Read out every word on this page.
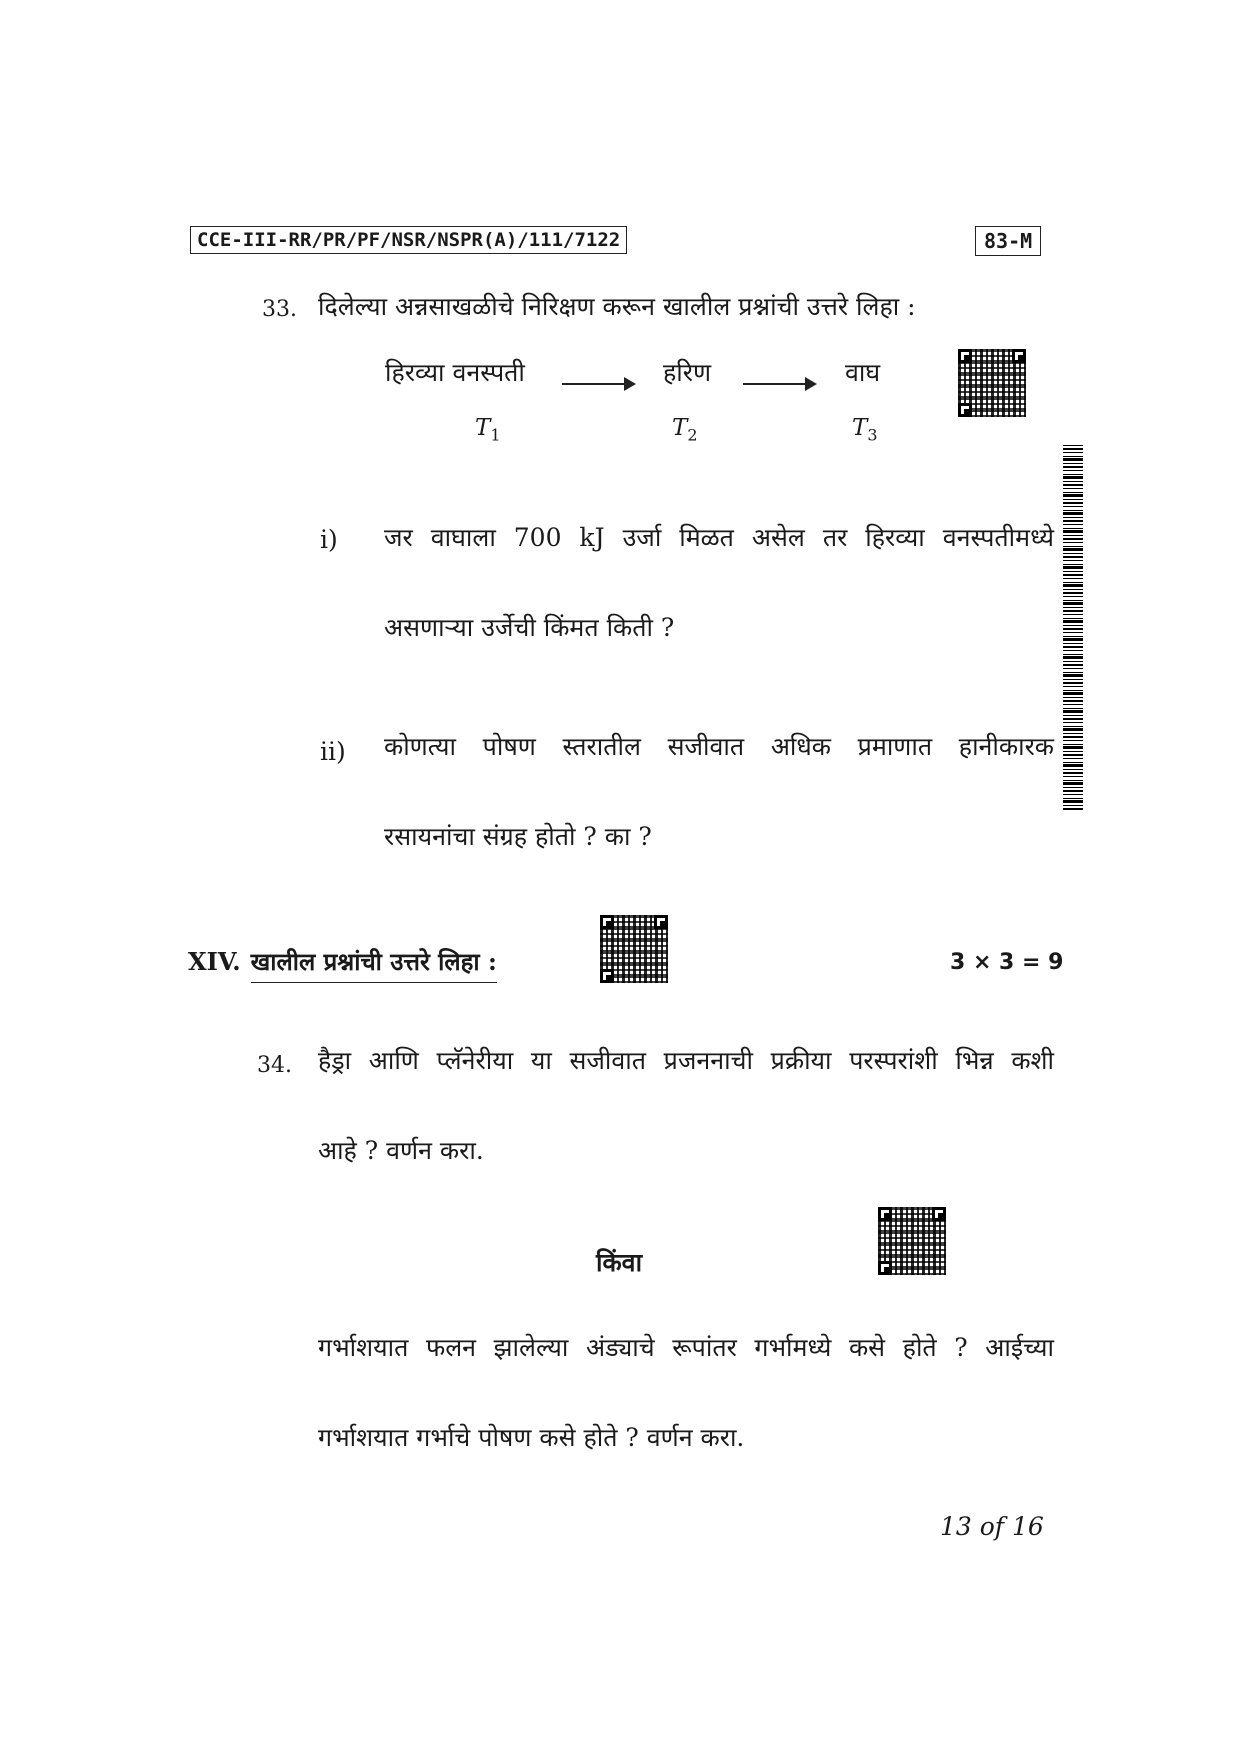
CCE-III-RR/PR/PF/NSR/NSPR(A)/111/7122	83-M
33. दिलेल्या अन्नसाखळीचे निरिक्षण करून खालील प्रश्नांची उत्तरे लिहा :
हिरव्या वनस्पती	हरिण	वाघ
$T_1$	$T_2$	$T_3$
i) जर वाघाला 700 kJ उर्जा मिळत असेल तर हिरव्या वनस्पतीमध्ये
असणाऱ्या उर्जेची किंमत किती ?
ii) कोणत्या पोषण स्तरातील सजीवात अधिक प्रमाणात हानीकारक
रसायनांचा संग्रह होतो ? का ?
XIV. खालील प्रश्नांची उत्तरे लिहा :	3 × 3 = 9
34. हैड्रा आणि प्लॅनेरीया या सजीवात प्रजननाची प्रक्रीया परस्परांशी भिन्न कशी
आहे ? वर्णन करा.
किंवा
गर्भाशयात फलन झालेल्या अंड्याचे रूपांतर गर्भामध्ये कसे होते ? आईच्या
गर्भाशयात गर्भाचे पोषण कसे होते ? वर्णन करा.
13 of 16
